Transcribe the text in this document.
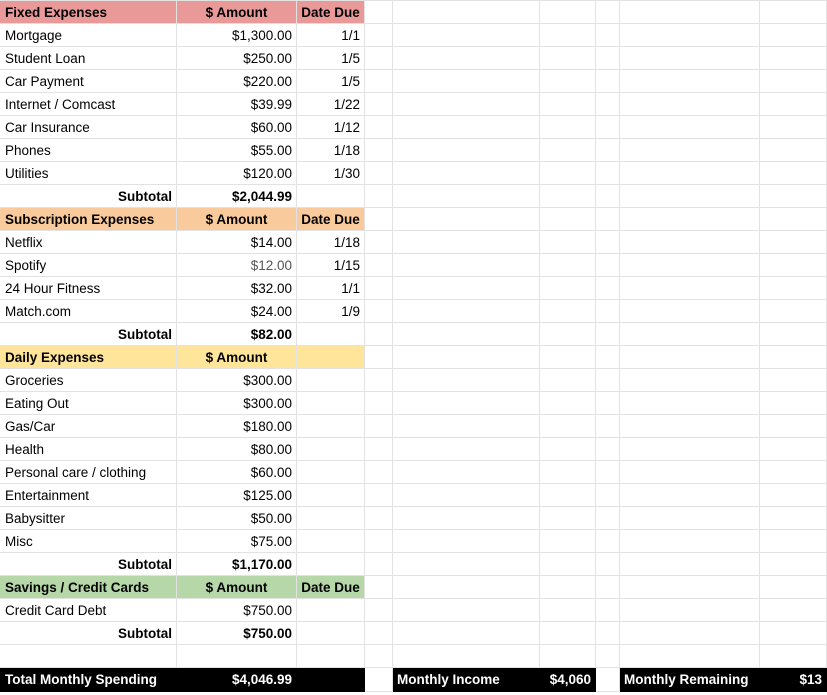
Fixed Expenses	$ Amount	Date Due
Mortgage	$1,300.00	1/1
Student Loan	$250.00	1/5
Car Payment	$220.00	1/5
Internet / Comcast	$39.99	1/22
Car Insurance	$60.00	1/12
Phones	$55.00	1/18
Utilities	$120.00	1/30
Subtotal	$2,044.99
Subscription Expenses	$ Amount	Date Due
Netflix	$14.00	1/18
Spotify	$12.00	1/15
24 Hour Fitness	$32.00	1/1
Match.com	$24.00	1/9
Subtotal	$82.00
Daily Expenses	$ Amount
Groceries	$300.00
Eating Out	$300.00
Gas/Car	$180.00
Health	$80.00
Personal care / clothing	$60.00
Entertainment	$125.00
Babysitter	$50.00
Misc	$75.00
Subtotal	$1,170.00
Savings / Credit Cards	$ Amount	Date Due
Credit Card Debt	$750.00
Subtotal	$750.00
Total Monthly Spending	$4,046.99	Monthly Income	$4,060	Monthly Remaining	$13
